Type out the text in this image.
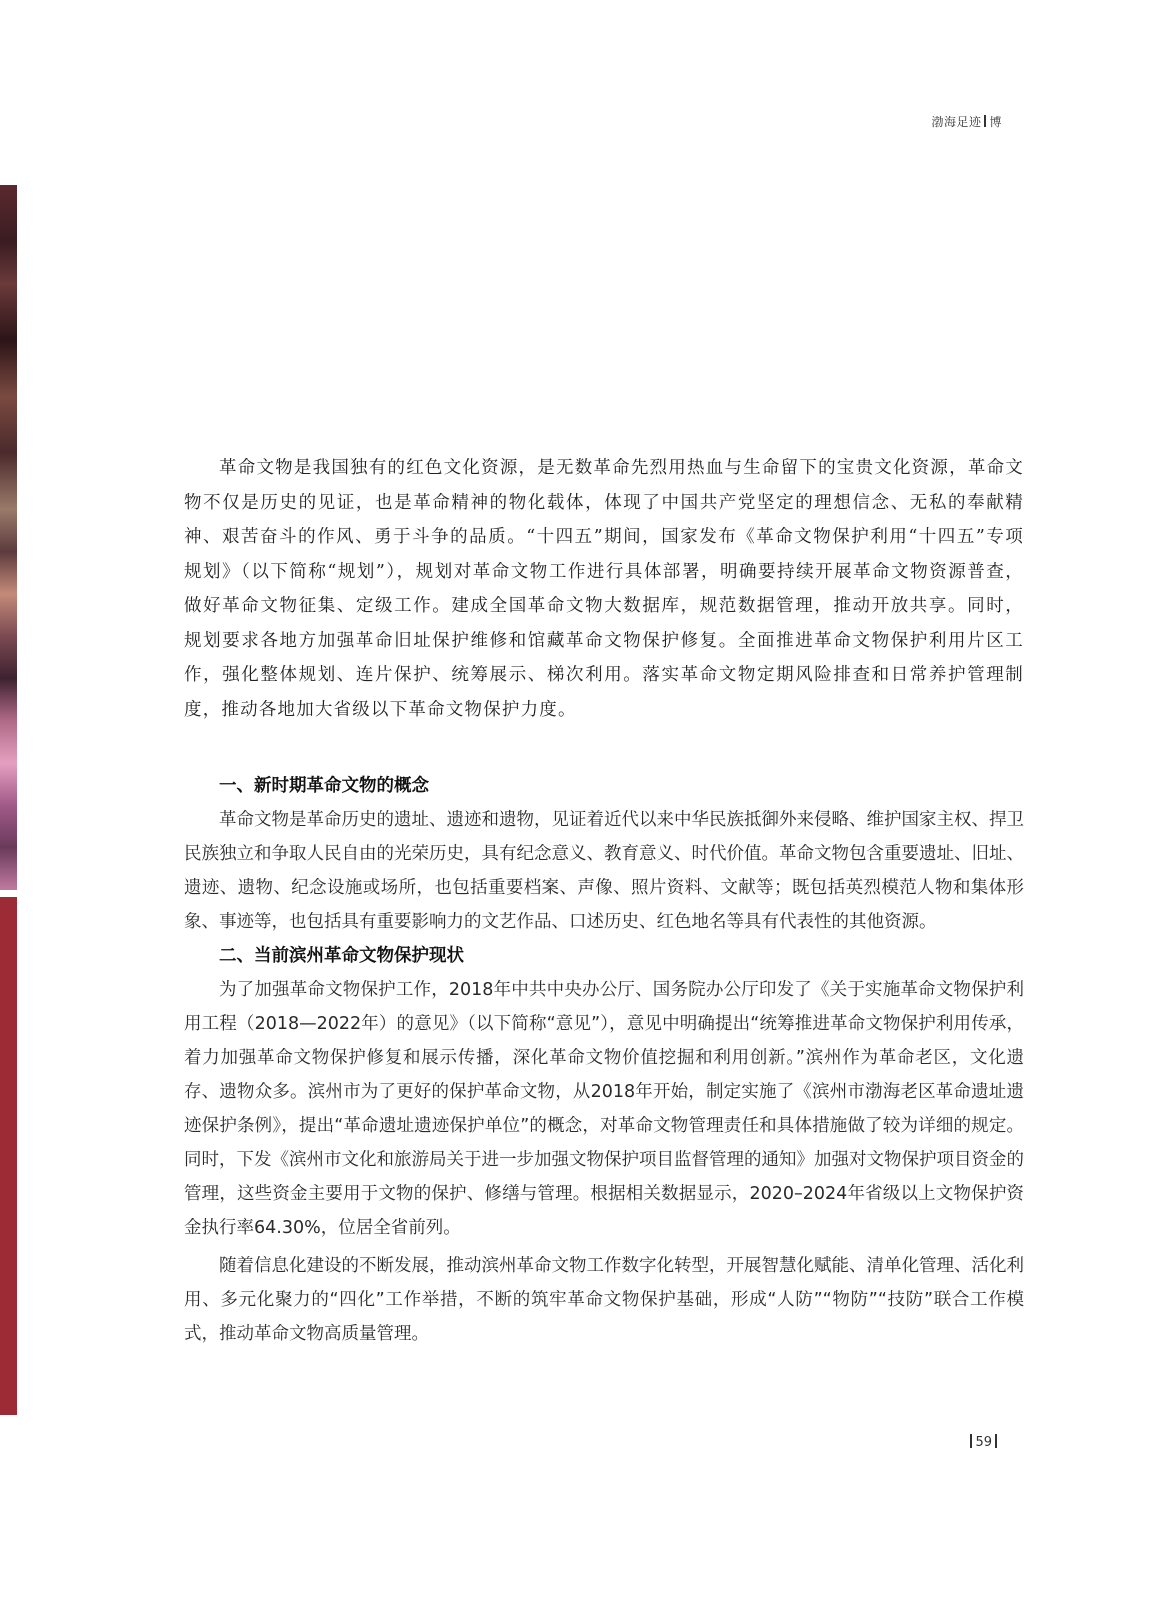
渤海足迹 博

革命文物是我国独有的红色文化资源，是无数革命先烈用热血与生命留下的宝贵文化资源，革命文物不仅是历史的见证，也是革命精神的物化载体，体现了中国共产党坚定的理想信念、无私的奉献精神、艰苦奋斗的作风、勇于斗争的品质。“十四五”期间，国家发布《革命文物保护利用“十四五”专项规划》（以下简称“规划”），规划对革命文物工作进行具体部署，明确要持续开展革命文物资源普查，做好革命文物征集、定级工作。建成全国革命文物大数据库，规范数据管理，推动开放共享。同时，规划要求各地方加强革命旧址保护维修和馆藏革命文物保护修复。全面推进革命文物保护利用片区工作，强化整体规划、连片保护、统筹展示、梯次利用。落实革命文物定期风险排查和日常养护管理制度，推动各地加大省级以下革命文物保护力度。

一、新时期革命文物的概念

革命文物是革命历史的遗址、遗迹和遗物，见证着近代以来中华民族抵御外来侵略、维护国家主权、捍卫民族独立和争取人民自由的光荣历史，具有纪念意义、教育意义、时代价值。革命文物包含重要遗址、旧址、遗迹、遗物、纪念设施或场所，也包括重要档案、声像、照片资料、文献等；既包括英烈模范人物和集体形象、事迹等，也包括具有重要影响力的文艺作品、口述历史、红色地名等具有代表性的其他资源。

二、当前滨州革命文物保护现状

为了加强革命文物保护工作，2018年中共中央办公厅、国务院办公厅印发了《关于实施革命文物保护利用工程（2018—2022年）的意见》（以下简称“意见”），意见中明确提出“统筹推进革命文物保护利用传承，着力加强革命文物保护修复和展示传播，深化革命文物价值挖掘和利用创新。”滨州作为革命老区，文化遗存、遗物众多。滨州市为了更好的保护革命文物，从2018年开始，制定实施了《滨州市渤海老区革命遗址遗迹保护条例》，提出“革命遗址遗迹保护单位”的概念，对革命文物管理责任和具体措施做了较为详细的规定。同时，下发《滨州市文化和旅游局关于进一步加强文物保护项目监督管理的通知》加强对文物保护项目资金的管理，这些资金主要用于文物的保护、修缮与管理。根据相关数据显示，2020–2024年省级以上文物保护资金执行率64.30%，位居全省前列。

随着信息化建设的不断发展，推动滨州革命文物工作数字化转型，开展智慧化赋能、清单化管理、活化利用、多元化聚力的“四化”工作举措，不断的筑牢革命文物保护基础，形成“人防”“物防”“技防”联合工作模式，推动革命文物高质量管理。

59
